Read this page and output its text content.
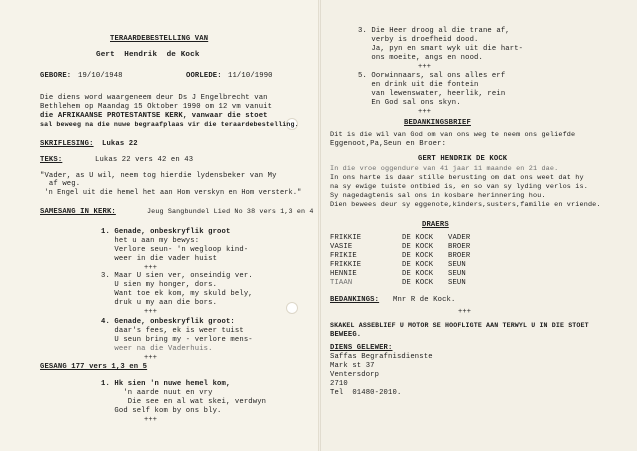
TERAARDEBESTELLING VAN
Gert  Hendrik  de Kock
GEBORE: 19/10/1948	OORLEDE: 11/10/1990
Die diens word waargeneem deur Ds J Engelbrecht van
Bethlehem op Maandag 15 Oktober 1990 om 12 vm vanuit
die AFRIKAANSE PROTESTANTSE KERK, vanwaar die stoet
sal beweeg na die nuwe begraafplaas vir die teraardebestelling.
SKRIFLESING: Lukas 22
TEKS:	Lukas 22 vers 42 en 43
"Vader, as U wil, neem tog hierdie lydensbeker van My
af weg.
'n Engel uit die hemel het aan Hom verskyn en Hom versterk."
SAMESANG IN KERK:	Jeug Sangbundel Lied No 38 vers 1,3 en 4
1. Genade, onbeskryflik groot
het u aan my bewys:
Verlore seun- 'n wegloop kind-
weer in die vader huist
+++
3. Maar U sien ver, onseindig ver.
U sien my honger, dors.
Want toe ek kom, my skuld bely,
druk u my aan die bors.
+++
4. Genade, onbeskryflik groot:
daar's fees, ek is weer tuist
U seun bring my - verlore mens-
weer na die Vaderhuis.
+++
GESANG 177 vers 1,3 en 5
1. Hk sien 'n nuwe hemel kom,
'n aarde nuut en vry
Die see en al wat skei, verdwyn
God self kom by ons bly.
+++
3. Die Heer droog al die trane af,
verby is droefheid dood.
Ja, pyn en smart wyk uit die hart-
ons moeite, angs en nood.
+++
5. Oorwinnaars, sal ons alles erf
en drink uit die fontein
van lewenswater, heerlik, rein
En God sal ons skyn.
+++
BEDANKINGSBRIEF
Dit is die wil van God om van ons weg te neem ons geliefde
Eggenoot,Pa,Seun en Broer:
GERT HENDRIK DE KOCK
In die vroe oggendure van 41 jaar 11 maande en 21 dae.
In ons harte is daar stille berusting om dat ons weet dat hy
na sy ewige tuiste ontbied is, en so van sy lyding verlos is.
Sy nagedagtenis sal ons in kosbare herinnering hou.
Dien bewees deur sy eggenote,kinders,susters,familie en vriende.
DRAERS
FRIKKIE	DE KOCK VADER
VASIE	DE KOCK BROER
FRIKIE	DE KOCK BROER
FRIKKIE	DE KOCK SEUN
HENNIE	DE KOCK SEUN
TIAAN	DE KOCK SEUN
BEDANKINGS: Mnr R de Kock.
+++
SKAKEL ASSEBLIEF U MOTOR SE HOOFLIGTE AAN TERWYL U IN DIE STOET
BEWEEG.
DIENS GELEWER:
Saffas Begrafnisdienste
Mark st 37
Ventersdorp
2710
Tel  01480-2010.
